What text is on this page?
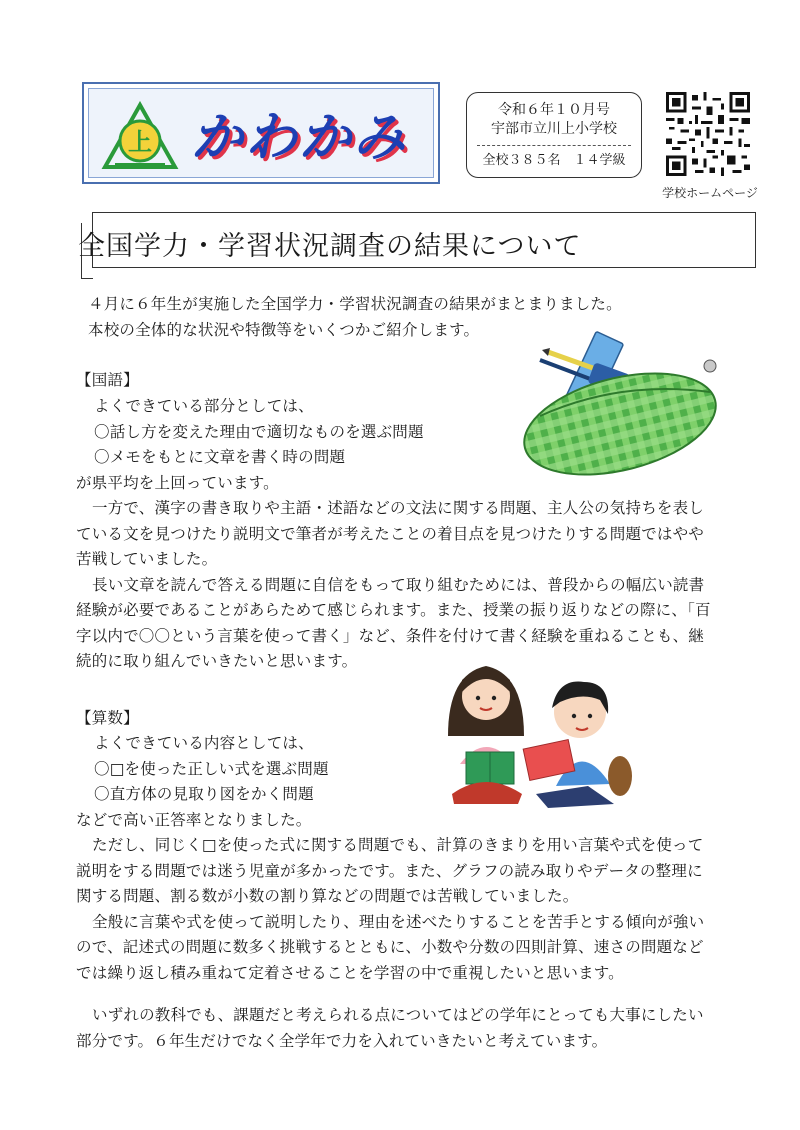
上 かわかみ	令和６年１０月号
宇部市立川上小学校
全校３８５名　１４学級
学校ホームページ
全国学力・学習状況調査の結果について
４月に６年生が実施した全国学力・学習状況調査の結果がまとまりました。
本校の全体的な状況や特徴等をいくつかご紹介します。
【国語】
よくできている部分としては、
〇話し方を変えた理由で適切なものを選ぶ問題
〇メモをもとに文章を書く時の問題
が県平均を上回っています。
一方で、漢字の書き取りや主語・述語などの文法に関する問題、主人公の気持ちを表し
ている文を見つけたり説明文で筆者が考えたことの着目点を見つけたりする問題ではやや
苦戦していました。
長い文章を読んで答える問題に自信をもって取り組むためには、普段からの幅広い読書
経験が必要であることがあらためて感じられます。また、授業の振り返りなどの際に、「百
字以内で〇〇という言葉を使って書く」など、条件を付けて書く経験を重ねることも、継
続的に取り組んでいきたいと思います。
【算数】
よくできている内容としては、
〇□を使った正しい式を選ぶ問題
〇直方体の見取り図をかく問題
などで高い正答率となりました。
ただし、同じく□を使った式に関する問題でも、計算のきまりを用い言葉や式を使って
説明をする問題では迷う児童が多かったです。また、グラフの読み取りやデータの整理に
関する問題、割る数が小数の割り算などの問題では苦戦していました。
全般に言葉や式を使って説明したり、理由を述べたりすることを苦手とする傾向が強い
ので、記述式の問題に数多く挑戦するとともに、小数や分数の四則計算、速さの問題など
では繰り返し積み重ねて定着させることを学習の中で重視したいと思います。
いずれの教科でも、課題だと考えられる点についてはどの学年にとっても大事にしたい
部分です。６年生だけでなく全学年で力を入れていきたいと考えています。
